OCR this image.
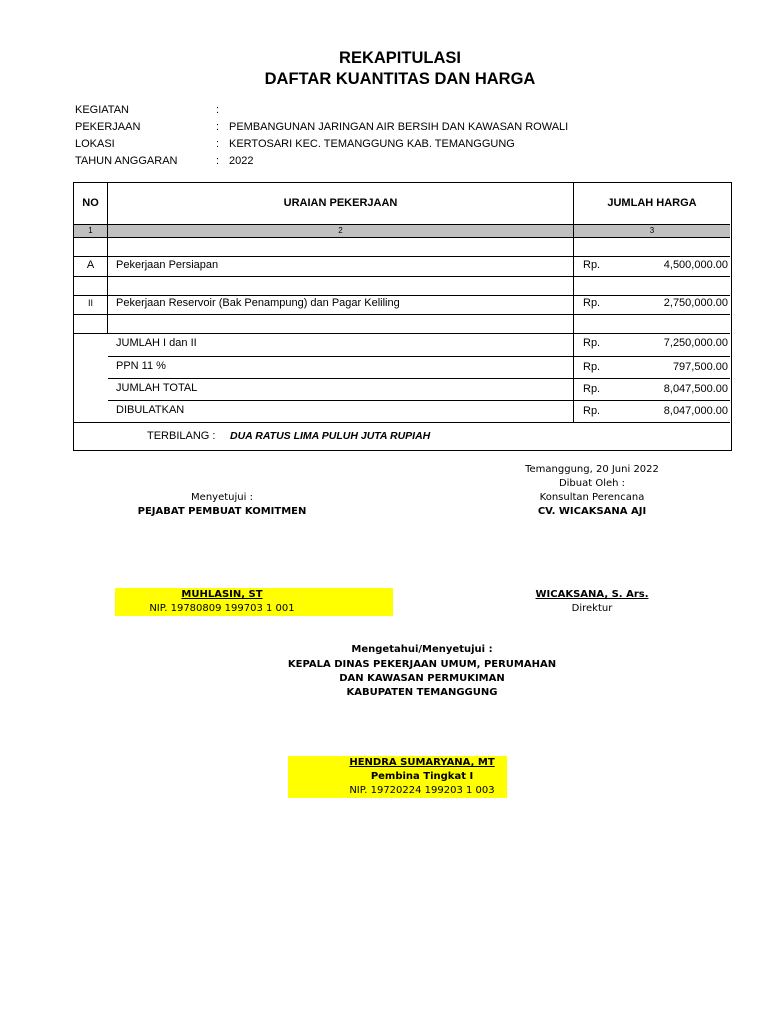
REKAPITULASI
DAFTAR KUANTITAS DAN HARGA
KEGIATAN	:
PEKERJAAN	: PEMBANGUNAN JARINGAN AIR BERSIH DAN KAWASAN ROWALI
LOKASI	: KERTOSARI KEC. TEMANGGUNG KAB. TEMANGGUNG
TAHUN ANGGARAN	: 2022
NO	URAIAN PEKERJAAN	JUMLAH HARGA
1	2	3
A	Pekerjaan Persiapan	Rp.	4,500,000.00
II	Pekerjaan Reservoir (Bak Penampung) dan Pagar Keliling	Rp.	2,750,000.00
JUMLAH I dan II	Rp.	7,250,000.00
PPN 11 %	Rp.	797,500.00
JUMLAH TOTAL	Rp.	8,047,500.00
DIBULATKAN	Rp.	8,047,000.00
TERBILANG : DUA RATUS LIMA PULUH JUTA RUPIAH
Temanggung, 20 Juni 2022
Dibuat Oleh :
Menyetujui :	Konsultan Perencana
PEJABAT PEMBUAT KOMITMEN	CV. WICAKSANA AJI
MUHLASIN, ST
NIP. 19780809 199703 1 001
WICAKSANA, S. Ars.
Direktur
Mengetahui/Menyetujui :
KEPALA DINAS PEKERJAAN UMUM, PERUMAHAN
DAN KAWASAN PERMUKIMAN
KABUPATEN TEMANGGUNG
HENDRA SUMARYANA, MT
Pembina Tingkat I
NIP. 19720224 199203 1 003
